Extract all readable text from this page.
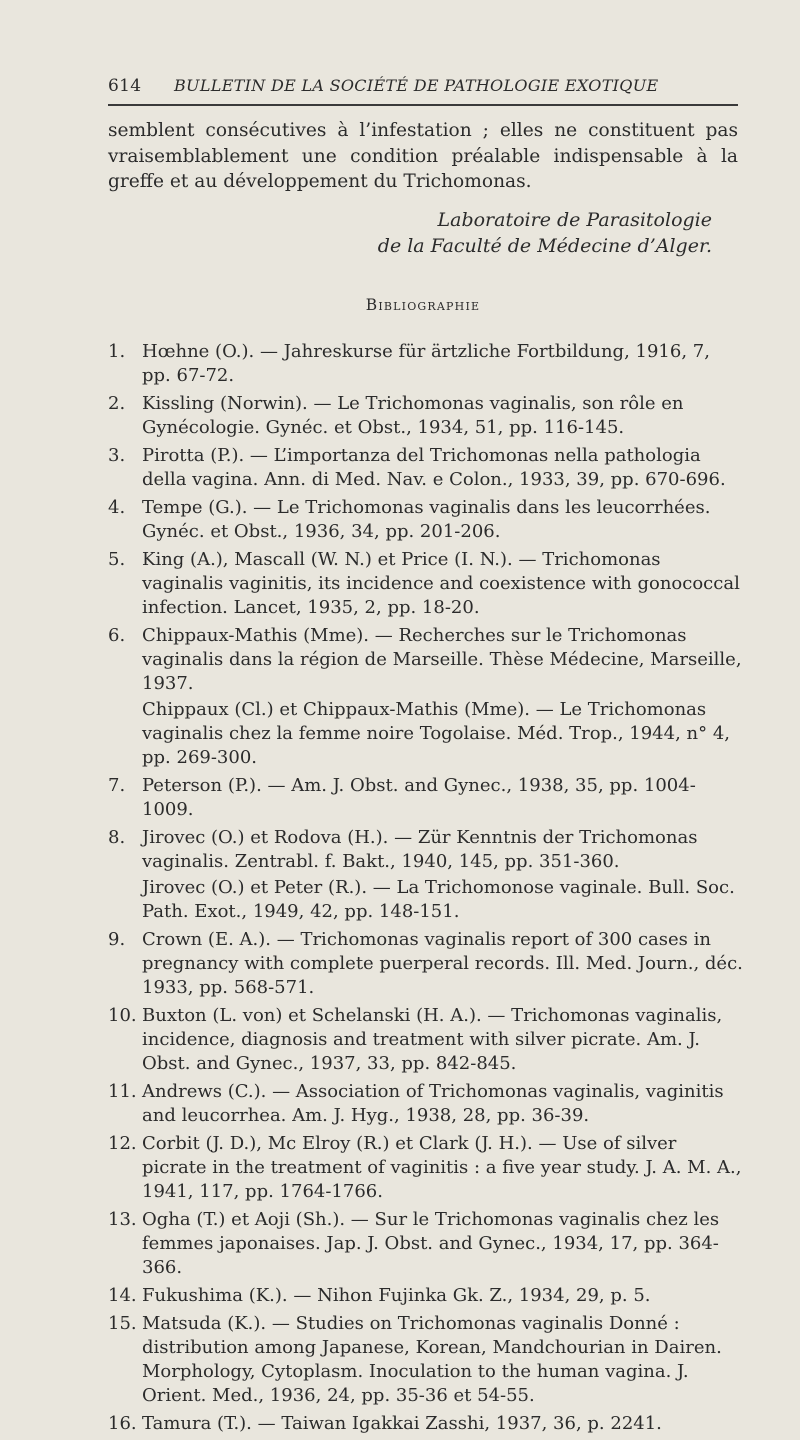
614 BULLETIN DE LA SOCIÉTÉ DE PATHOLOGIE EXOTIQUE

semblent consécutives à l’infestation ; elles ne constituent pas vraisemblablement une condition préalable indispensable à la greffe et au développement du Trichomonas.

Laboratoire de Parasitologie
de la Faculté de Médecine d’Alger.
Bibliographie
1. Hœhne (O.). — Jahreskurse für ärtzliche Fortbildung, 1916, 7, pp. 67-72.
2. Kissling (Norwin). — Le Trichomonas vaginalis, son rôle en Gynécologie. Gynéc. et Obst., 1934, 51, pp. 116-145.
3. Pirotta (P.). — L’importanza del Trichomonas nella pathologia della vagina. Ann. di Med. Nav. e Colon., 1933, 39, pp. 670-696.
4. Tempe (G.). — Le Trichomonas vaginalis dans les leucorrhées. Gynéc. et Obst., 1936, 34, pp. 201-206.
5. King (A.), Mascall (W. N.) et Price (I. N.). — Trichomonas vaginalis vaginitis, its incidence and coexistence with gonococcal infection. Lancet, 1935, 2, pp. 18-20.
6. Chippaux-Mathis (Mme). — Recherches sur le Trichomonas vaginalis dans la région de Marseille. Thèse Médecine, Marseille, 1937.
Chippaux (Cl.) et Chippaux-Mathis (Mme). — Le Trichomonas vaginalis chez la femme noire Togolaise. Méd. Trop., 1944, n° 4, pp. 269-300.
7. Peterson (P.). — Am. J. Obst. and Gynec., 1938, 35, pp. 1004-1009.
8. Jirovec (O.) et Rodova (H.). — Zür Kenntnis der Trichomonas vaginalis. Zentrabl. f. Bakt., 1940, 145, pp. 351-360.
Jirovec (O.) et Peter (R.). — La Trichomonose vaginale. Bull. Soc. Path. Exot., 1949, 42, pp. 148-151.
9. Crown (E. A.). — Trichomonas vaginalis report of 300 cases in pregnancy with complete puerperal records. Ill. Med. Journ., déc. 1933, pp. 568-571.
10. Buxton (L. von) et Schelanski (H. A.). — Trichomonas vaginalis, incidence, diagnosis and treatment with silver picrate. Am. J. Obst. and Gynec., 1937, 33, pp. 842-845.
11. Andrews (C.). — Association of Trichomonas vaginalis, vaginitis and leucorrhea. Am. J. Hyg., 1938, 28, pp. 36-39.
12. Corbit (J. D.), Mc Elroy (R.) et Clark (J. H.). — Use of silver picrate in the treatment of vaginitis : a five year study. J. A. M. A., 1941, 117, pp. 1764-1766.
13. Ogha (T.) et Aoji (Sh.). — Sur le Trichomonas vaginalis chez les femmes japonaises. Jap. J. Obst. and Gynec., 1934, 17, pp. 364-366.
14. Fukushima (K.). — Nihon Fujinka Gk. Z., 1934, 29, p. 5.
15. Matsuda (K.). — Studies on Trichomonas vaginalis Donné : distribution among Japanese, Korean, Mandchourian in Dairen. Morphology, Cytoplasm. Inoculation to the human vagina. J. Orient. Med., 1936, 24, pp. 35-36 et 54-55.
16. Tamura (T.). — Taiwan Igakkai Zasshi, 1937, 36, p. 2241.
